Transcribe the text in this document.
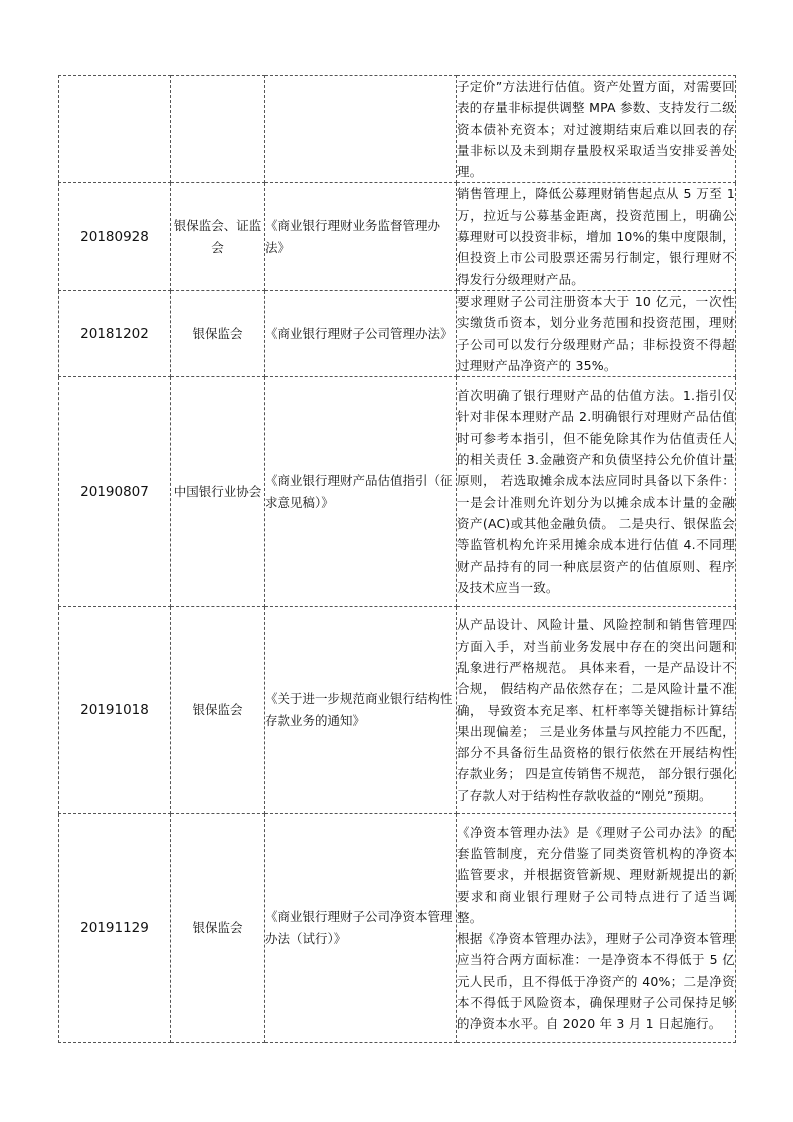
			子定价”方法进行估值。资产处置方面，对需要回表的存量非标提供调整 MPA 参数、支持发行二级资本债补充资本；对过渡期结束后难以回表的存量非标以及未到期存量股权采取适当安排妥善处理。

20180928	银保监会、证监会	《商业银行理财业务监督管理办法》	销售管理上，降低公募理财销售起点从 5 万至 1 万，拉近与公募基金距离，投资范围上，明确公募理财可以投资非标，增加 10%的集中度限制，但投资上市公司股票还需另行制定，银行理财不得发行分级理财产品。

20181202	银保监会	《商业银行理财子公司管理办法》	要求理财子公司注册资本大于 10 亿元，一次性实缴货币资本，划分业务范围和投资范围，理财子公司可以发行分级理财产品；非标投资不得超过理财产品净资产的 35%。

20190807	中国银行业协会	《商业银行理财产品估值指引（征求意见稿）》	首次明确了银行理财产品的估值方法。1.指引仅针对非保本理财产品 2.明确银行对理财产品估值时可参考本指引，但不能免除其作为估值责任人的相关责任 3.金融资产和负债坚持公允价值计量原则， 若选取摊余成本法应同时具备以下条件： 一是会计准则允许划分为以摊余成本计量的金融资产(AC)或其他金融负债。 二是央行、银保监会等监管机构允许采用摊余成本进行估值 4.不同理财产品持有的同一种底层资产的估值原则、程序及技术应当一致。

20191018	银保监会	《关于进一步规范商业银行结构性存款业务的通知》	从产品设计、风险计量、风险控制和销售管理四方面入手，对当前业务发展中存在的突出问题和乱象进行严格规范。 具体来看，一是产品设计不合规， 假结构产品依然存在；二是风险计量不准确， 导致资本充足率、杠杆率等关键指标计算结果出现偏差； 三是业务体量与风控能力不匹配，部分不具备衍生品资格的银行依然在开展结构性存款业务； 四是宣传销售不规范， 部分银行强化了存款人对于结构性存款收益的“刚兑”预期。

20191129	银保监会	《商业银行理财子公司净资本管理办法（试行）》	《净资本管理办法》是《理财子公司办法》的配套监管制度，充分借鉴了同类资管机构的净资本监管要求，并根据资管新规、理财新规提出的新要求和商业银行理财子公司特点进行了适当调整。

根据《净资本管理办法》，理财子公司净资本管理应当符合两方面标准：一是净资本不得低于 5 亿元人民币，且不得低于净资产的 40%；二是净资本不得低于风险资本，确保理财子公司保持足够的净资本水平。自 2020 年 3 月 1 日起施行。
